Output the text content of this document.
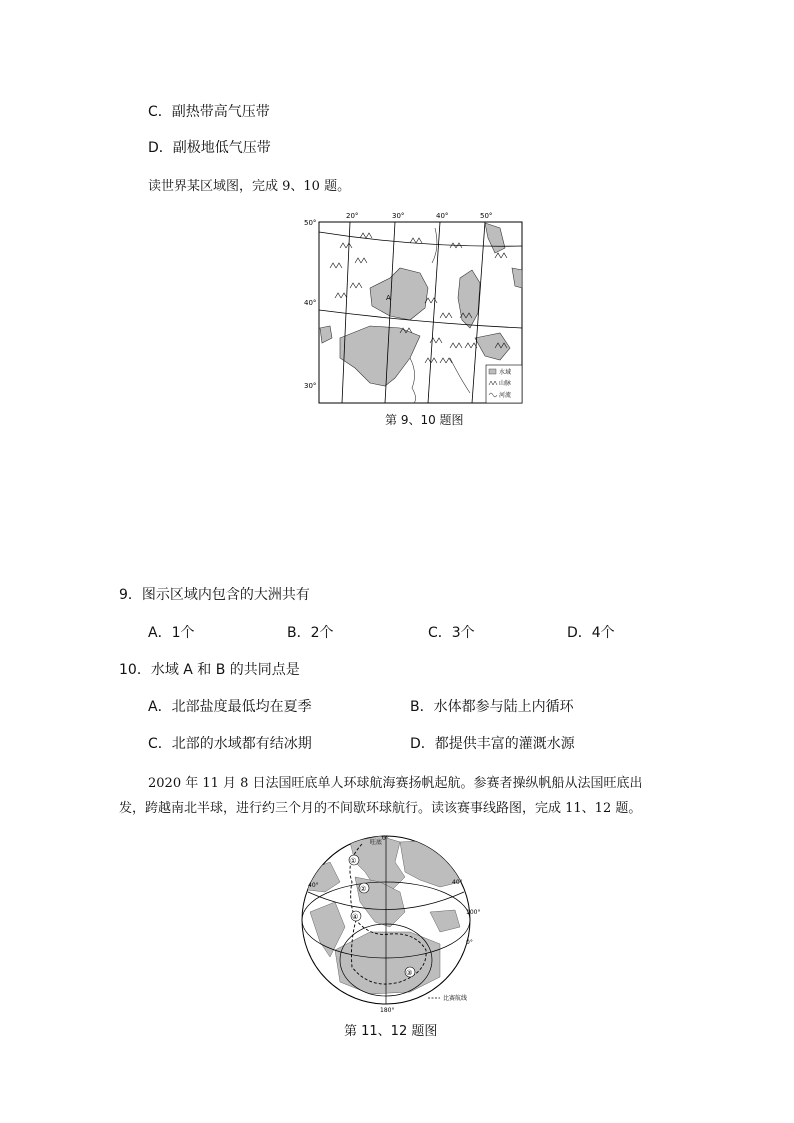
C．副热带高气压带
D．副极地低气压带
读世界某区域图，完成 9、10 题。
A
50°
40°
30°
20°	30°	40°	50°
水域
山脉
河流
第 9、10 题图
9．图示区域内包含的大洲共有
A．1个	B．2个	C．3个	D．4个
10．水域 A 和 B 的共同点是
A．北部盐度最低均在夏季	B．水体都参与陆上内循环
C．北部的水域都有结冰期	D．都提供丰富的灌溉水源
2020 年 11 月 8 日法国旺底单人环球航海赛扬帆起航。参赛者操纵帆船从法国旺底出
发，跨越南北半球，进行约三个月的不间歇环球航行。读该赛事线路图，完成 11、12 题。
①
②
③
④
旺底
0°
40°	40°
100°
0°
180°
比赛航线
第 11、12 题图
